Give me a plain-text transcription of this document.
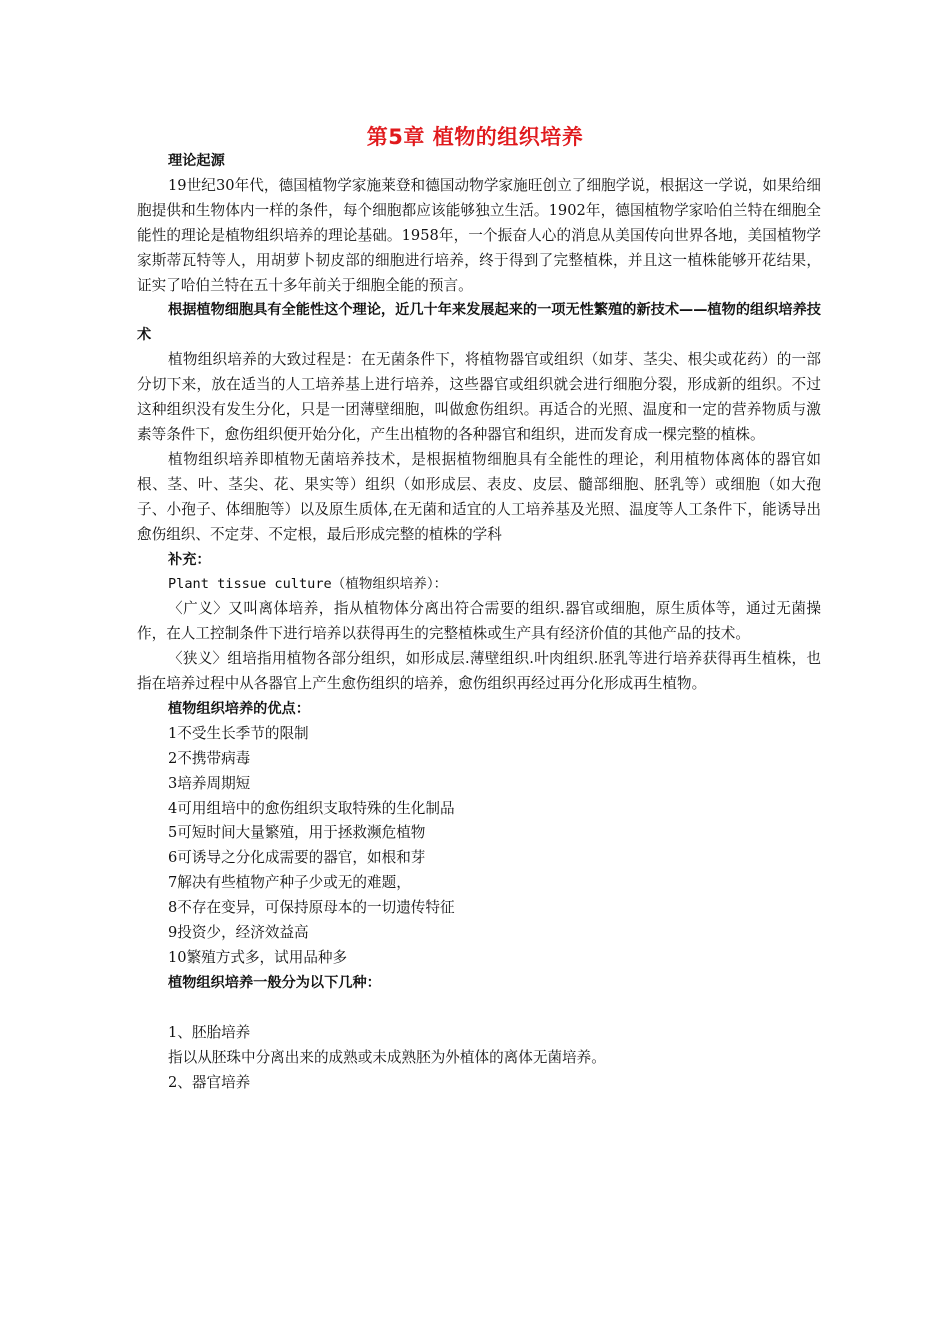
第5章 植物的组织培养

理论起源

19世纪30年代，德国植物学家施莱登和德国动物学家施旺创立了细胞学说，根据这一学说，如果给细胞提供和生物体内一样的条件，每个细胞都应该能够独立生活。1902年，德国植物学家哈伯兰特在细胞全能性的理论是植物组织培养的理论基础。1958年，一个振奋人心的消息从美国传向世界各地，美国植物学家斯蒂瓦特等人，用胡萝卜韧皮部的细胞进行培养，终于得到了完整植株，并且这一植株能够开花结果，证实了哈伯兰特在五十多年前关于细胞全能的预言。

根据植物细胞具有全能性这个理论，近几十年来发展起来的一项无性繁殖的新技术——植物的组织培养技术

植物组织培养的大致过程是：在无菌条件下，将植物器官或组织（如芽、茎尖、根尖或花药）的一部分切下来，放在适当的人工培养基上进行培养，这些器官或组织就会进行细胞分裂，形成新的组织。不过这种组织没有发生分化，只是一团薄壁细胞，叫做愈伤组织。再适合的光照、温度和一定的营养物质与激素等条件下，愈伤组织便开始分化，产生出植物的各种器官和组织，进而发育成一棵完整的植株。

植物组织培养即植物无菌培养技术，是根据植物细胞具有全能性的理论，利用植物体离体的器官如根、茎、叶、茎尖、花、果实等）组织（如形成层、表皮、皮层、髓部细胞、胚乳等）或细胞（如大孢子、小孢子、体细胞等）以及原生质体,在无菌和适宜的人工培养基及光照、温度等人工条件下，能诱导出愈伤组织、不定芽、不定根，最后形成完整的植株的学科

补充：

Plant tissue culture（植物组织培养）：

〈广义〉又叫离体培养，指从植物体分离出符合需要的组织.器官或细胞，原生质体等，通过无菌操作，在人工控制条件下进行培养以获得再生的完整植株或生产具有经济价值的其他产品的技术。

〈狭义〉组培指用植物各部分组织，如形成层.薄壁组织.叶肉组织.胚乳等进行培养获得再生植株，也指在培养过程中从各器官上产生愈伤组织的培养，愈伤组织再经过再分化形成再生植物。

植物组织培养的优点：

1不受生长季节的限制

2不携带病毒

3培养周期短

4可用组培中的愈伤组织支取特殊的生化制品

5可短时间大量繁殖，用于拯救濒危植物

6可诱导之分化成需要的器官，如根和芽

7解决有些植物产种子少或无的难题，

8不存在变异，可保持原母本的一切遗传特征

9投资少，经济效益高

10繁殖方式多，试用品种多

植物组织培养一般分为以下几种：

1、胚胎培养

指以从胚珠中分离出来的成熟或未成熟胚为外植体的离体无菌培养。

2、器官培养
